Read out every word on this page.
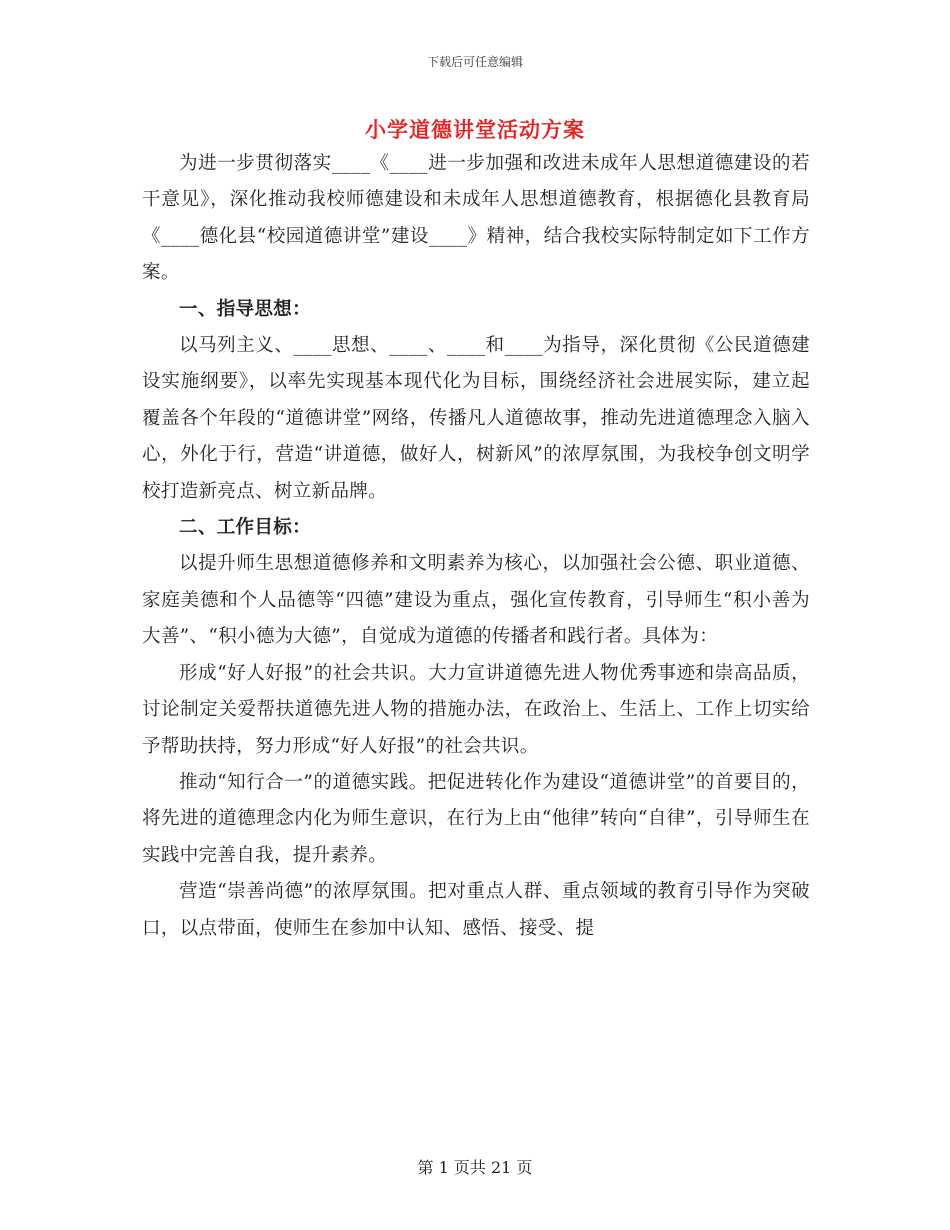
下载后可任意编辑
小学道德讲堂活动方案

为进一步贯彻落实____《____进一步加强和改进未成年人思想道德建设的若干意见》，深化推动我校师德建设和未成年人思想道德教育，根据德化县教育局《____德化县“校园道德讲堂”建设____》精神，结合我校实际特制定如下工作方案。

一、指导思想：

以马列主义、____思想、____、____和____为指导，深化贯彻《公民道德建设实施纲要》，以率先实现基本现代化为目标，围绕经济社会进展实际，建立起覆盖各个年段的“道德讲堂”网络，传播凡人道德故事，推动先进道德理念入脑入心，外化于行，营造“讲道德，做好人，树新风”的浓厚氛围，为我校争创文明学校打造新亮点、树立新品牌。

二、工作目标：

以提升师生思想道德修养和文明素养为核心，以加强社会公德、职业道德、家庭美德和个人品德等“四德”建设为重点，强化宣传教育，引导师生“积小善为大善”、“积小德为大德”，自觉成为道德的传播者和践行者。具体为：

形成“好人好报”的社会共识。大力宣讲道德先进人物优秀事迹和崇高品质，讨论制定关爱帮扶道德先进人物的措施办法，在政治上、生活上、工作上切实给予帮助扶持，努力形成“好人好报”的社会共识。

推动“知行合一”的道德实践。把促进转化作为建设“道德讲堂”的首要目的，将先进的道德理念内化为师生意识，在行为上由“他律”转向“自律”，引导师生在实践中完善自我，提升素养。

营造“崇善尚德”的浓厚氛围。把对重点人群、重点领域的教育引导作为突破口，以点带面，使师生在参加中认知、感悟、接受、提

第 1 页共 21 页
